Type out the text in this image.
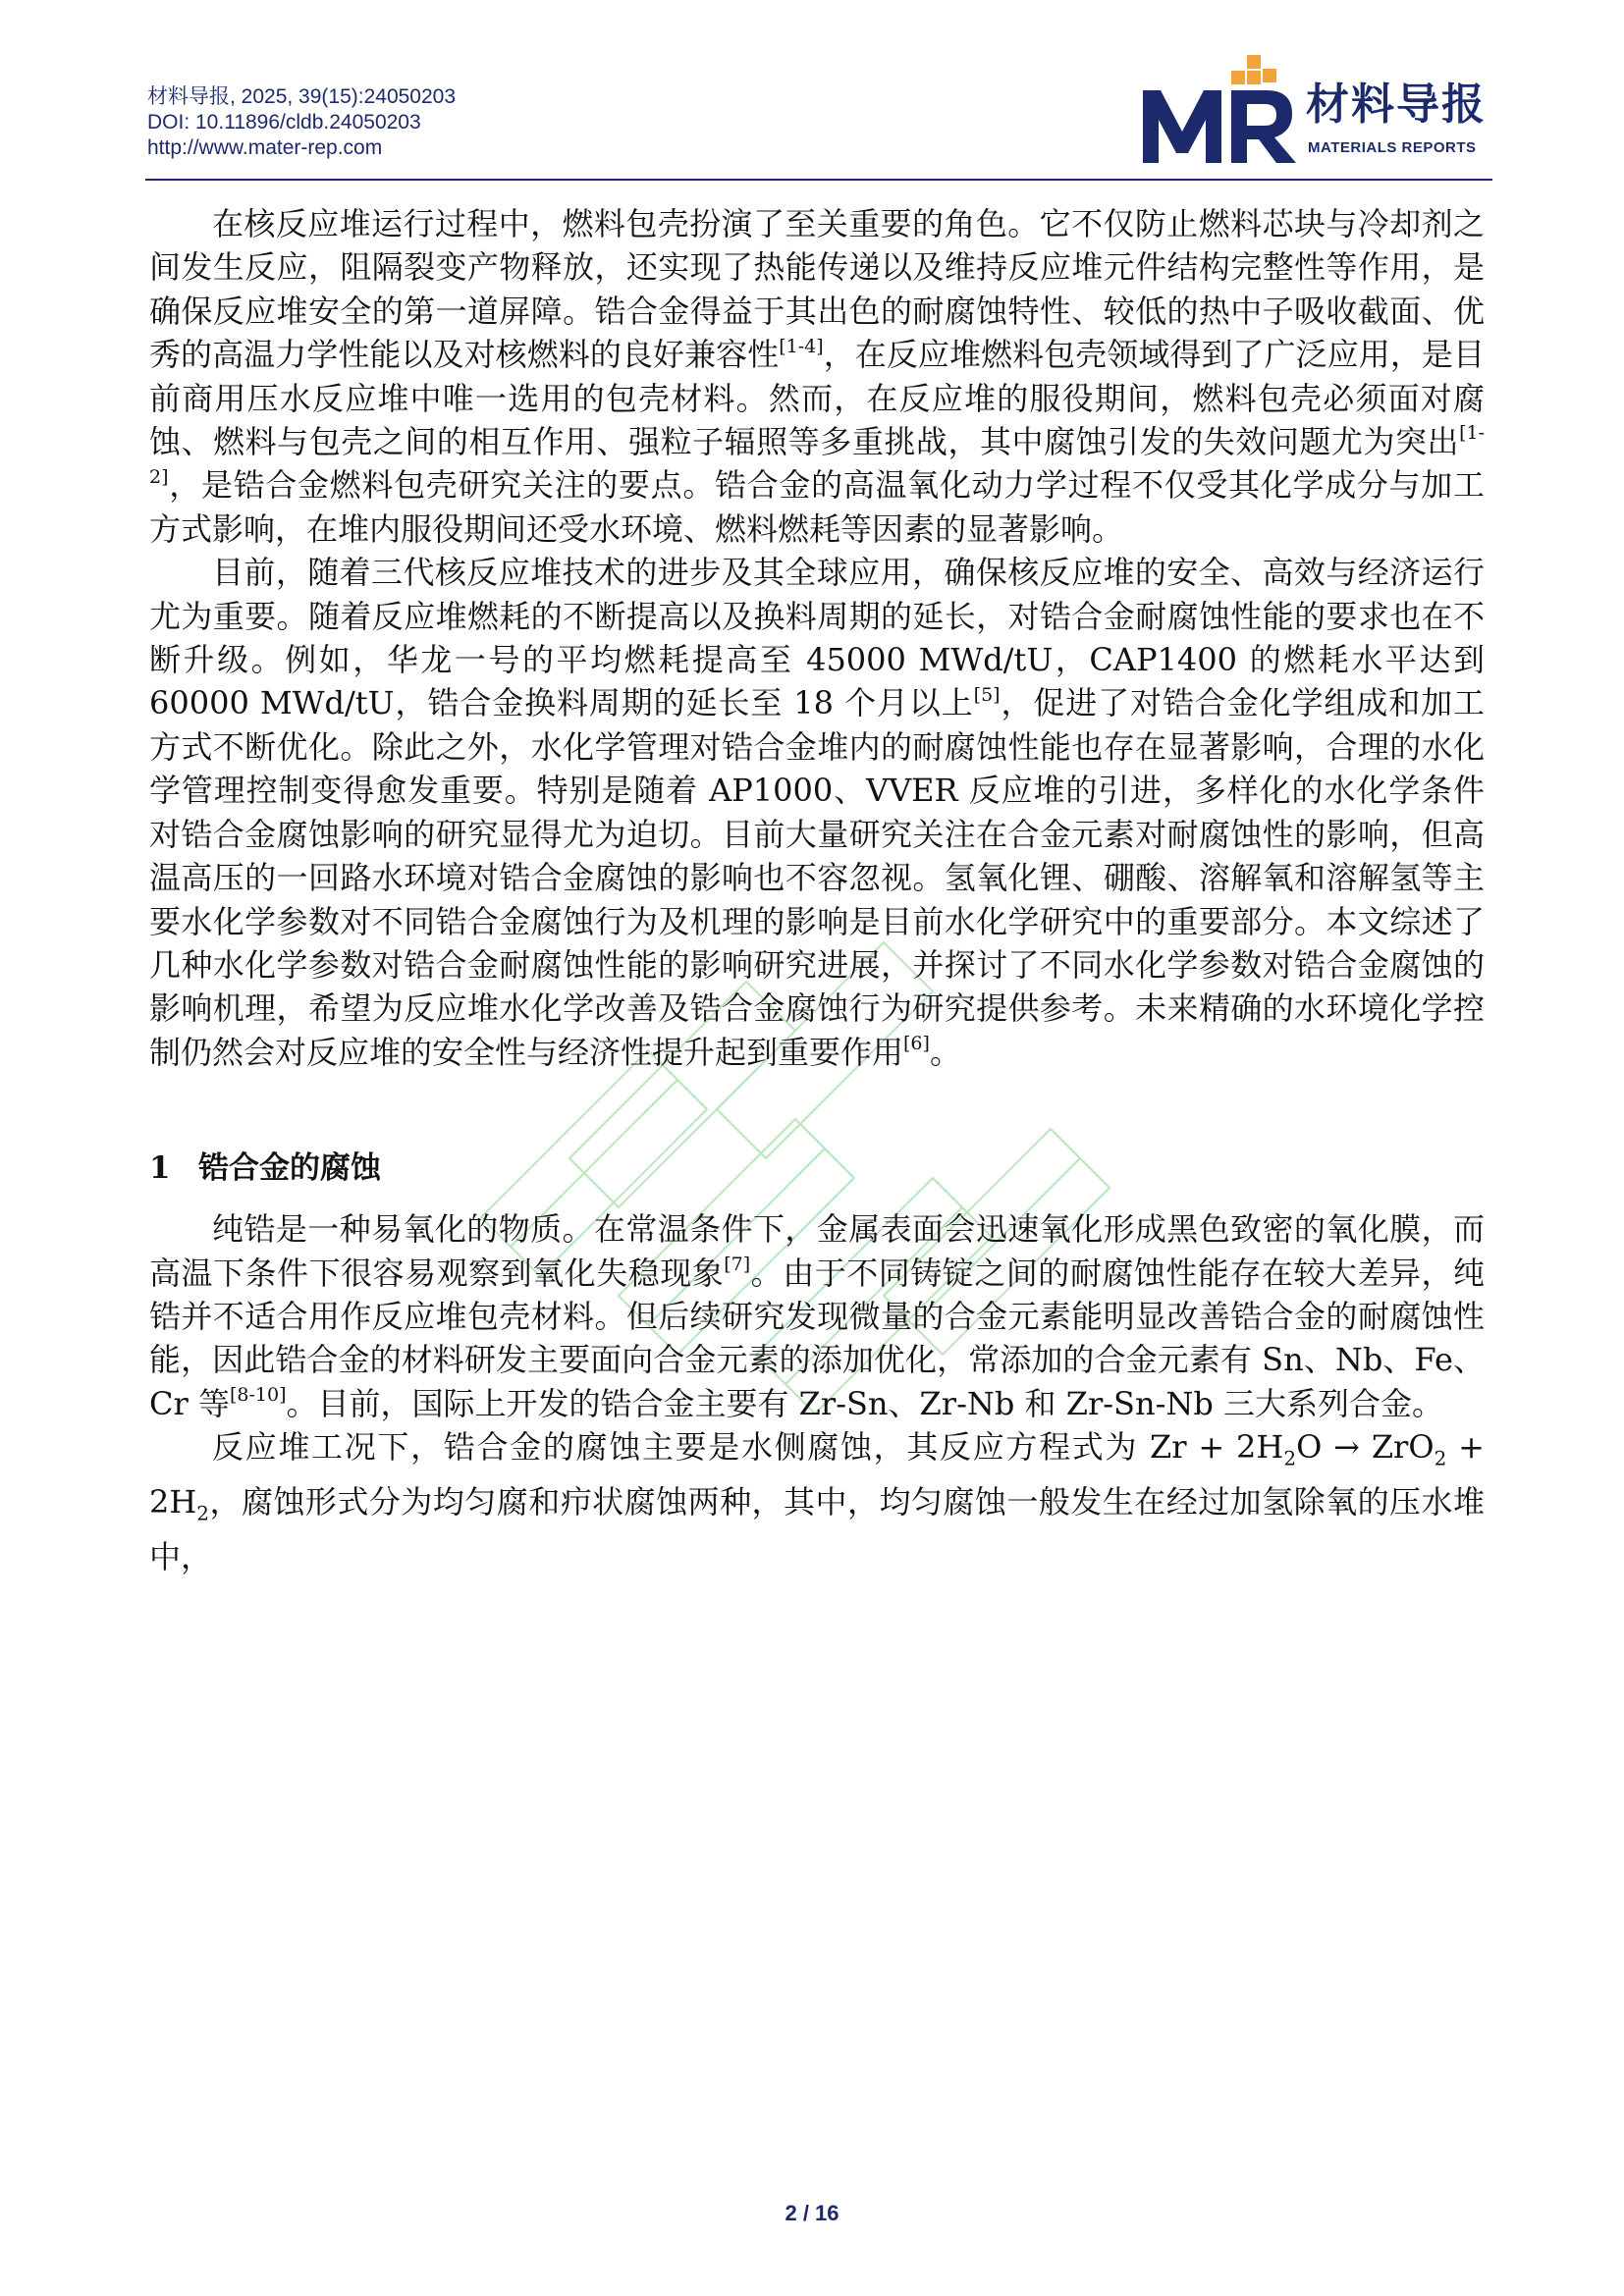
材料导报, 2025, 39(15):24050203
DOI: 10.11896/cldb.24050203
http://www.mater-rep.com
材料导报
MATERIALS REPORTS

在核反应堆运行过程中，燃料包壳扮演了至关重要的角色。它不仅防止燃料芯块与冷却剂之间发生反应，阻隔裂变产物释放，还实现了热能传递以及维持反应堆元件结构完整性等作用，是确保反应堆安全的第一道屏障。锆合金得益于其出色的耐腐蚀特性、较低的热中子吸收截面、优秀的高温力学性能以及对核燃料的良好兼容性[1-4]，在反应堆燃料包壳领域得到了广泛应用，是目前商用压水反应堆中唯一选用的包壳材料。然而，在反应堆的服役期间，燃料包壳必须面对腐蚀、燃料与包壳之间的相互作用、强粒子辐照等多重挑战，其中腐蚀引发的失效问题尤为突出[1-2]，是锆合金燃料包壳研究关注的要点。锆合金的高温氧化动力学过程不仅受其化学成分与加工方式影响，在堆内服役期间还受水环境、燃料燃耗等因素的显著影响。

目前，随着三代核反应堆技术的进步及其全球应用，确保核反应堆的安全、高效与经济运行尤为重要。随着反应堆燃耗的不断提高以及换料周期的延长，对锆合金耐腐蚀性能的要求也在不断升级。例如，华龙一号的平均燃耗提高至 45000 MWd/tU，CAP1400 的燃耗水平达到 60000 MWd/tU，锆合金换料周期的延长至 18 个月以上[5]，促进了对锆合金化学组成和加工方式不断优化。除此之外，水化学管理对锆合金堆内的耐腐蚀性能也存在显著影响，合理的水化学管理控制变得愈发重要。特别是随着 AP1000、VVER 反应堆的引进，多样化的水化学条件对锆合金腐蚀影响的研究显得尤为迫切。目前大量研究关注在合金元素对耐腐蚀性的影响，但高温高压的一回路水环境对锆合金腐蚀的影响也不容忽视。氢氧化锂、硼酸、溶解氧和溶解氢等主要水化学参数对不同锆合金腐蚀行为及机理的影响是目前水化学研究中的重要部分。本文综述了几种水化学参数对锆合金耐腐蚀性能的影响研究进展，并探讨了不同水化学参数对锆合金腐蚀的影响机理，希望为反应堆水化学改善及锆合金腐蚀行为研究提供参考。未来精确的水环境化学控制仍然会对反应堆的安全性与经济性提升起到重要作用[6]。

1 锆合金的腐蚀

纯锆是一种易氧化的物质。在常温条件下，金属表面会迅速氧化形成黑色致密的氧化膜，而高温下条件下很容易观察到氧化失稳现象[7]。由于不同铸锭之间的耐腐蚀性能存在较大差异，纯锆并不适合用作反应堆包壳材料。但后续研究发现微量的合金元素能明显改善锆合金的耐腐蚀性能，因此锆合金的材料研发主要面向合金元素的添加优化，常添加的合金元素有 Sn、Nb、Fe、Cr 等[8-10]。目前，国际上开发的锆合金主要有 Zr-Sn、Zr-Nb 和 Zr-Sn-Nb 三大系列合金。

反应堆工况下，锆合金的腐蚀主要是水侧腐蚀，其反应方程式为 $Zr + 2H_2O \to ZrO_2 + 2H_2$，腐蚀形式分为均匀腐和疖状腐蚀两种，其中，均匀腐蚀一般发生在经过加氢除氧的压水堆中，

2 / 16
